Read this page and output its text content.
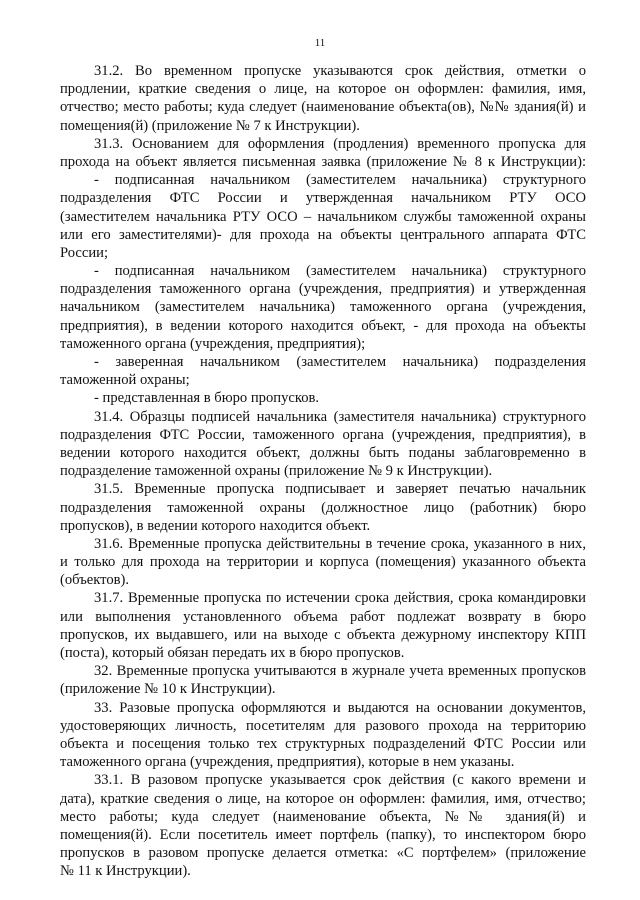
11
31.2. Во временном пропуске указываются срок действия, отметки о
продлении, краткие сведения о лице, на которое он оформлен: фамилия, имя,
отчество; место работы; куда следует (наименование объекта(ов), №№ здания(й) и
помещения(й) (приложение № 7 к Инструкции).
31.3. Основанием для оформления (продления) временного пропуска для
прохода на объект является письменная заявка (приложение № 8 к Инструкции):
- подписанная начальником (заместителем начальника) структурного
подразделения ФТС России и утвержденная начальником РТУ ОСО
(заместителем начальника РТУ ОСО – начальником службы таможенной охраны
или его заместителями)- для прохода на объекты центрального аппарата ФТС
России;
- подписанная начальником (заместителем начальника) структурного
подразделения таможенного органа (учреждения, предприятия) и утвержденная
начальником (заместителем начальника) таможенного органа (учреждения,
предприятия), в ведении которого находится объект, - для прохода на объекты
таможенного органа (учреждения, предприятия);
- заверенная начальником (заместителем начальника) подразделения
таможенной охраны;
- представленная в бюро пропусков.
31.4. Образцы подписей начальника (заместителя начальника) структурного
подразделения ФТС России, таможенного органа (учреждения, предприятия), в
ведении которого находится объект, должны быть поданы заблаговременно в
подразделение таможенной охраны (приложение № 9 к Инструкции).
31.5. Временные пропуска подписывает и заверяет печатью начальник
подразделения таможенной охраны (должностное лицо (работник) бюро
пропусков), в ведении которого находится объект.
31.6. Временные пропуска действительны в течение срока, указанного в них,
и только для прохода на территории и корпуса (помещения) указанного объекта
(объектов).
31.7. Временные пропуска по истечении срока действия, срока командировки
или выполнения установленного объема работ подлежат возврату в бюро
пропусков, их выдавшего, или на выходе с объекта дежурному инспектору КПП
(поста), который обязан передать их в бюро пропусков.
32. Временные пропуска учитываются в журнале учета временных пропусков
(приложение № 10 к Инструкции).
33. Разовые пропуска оформляются и выдаются на основании документов,
удостоверяющих личность, посетителям для разового прохода на территорию
объекта и посещения только тех структурных подразделений ФТС России или
таможенного органа (учреждения, предприятия), которые в нем указаны.
33.1. В разовом пропуске указывается срок действия (с какого времени и
дата), краткие сведения о лице, на которое он оформлен: фамилия, имя, отчество;
место работы; куда следует (наименование объекта, №№ здания(й) и
помещения(й). Если посетитель имеет портфель (папку), то инспектором бюро
пропусков в разовом пропуске делается отметка: «С портфелем» (приложение
№ 11 к Инструкции).
